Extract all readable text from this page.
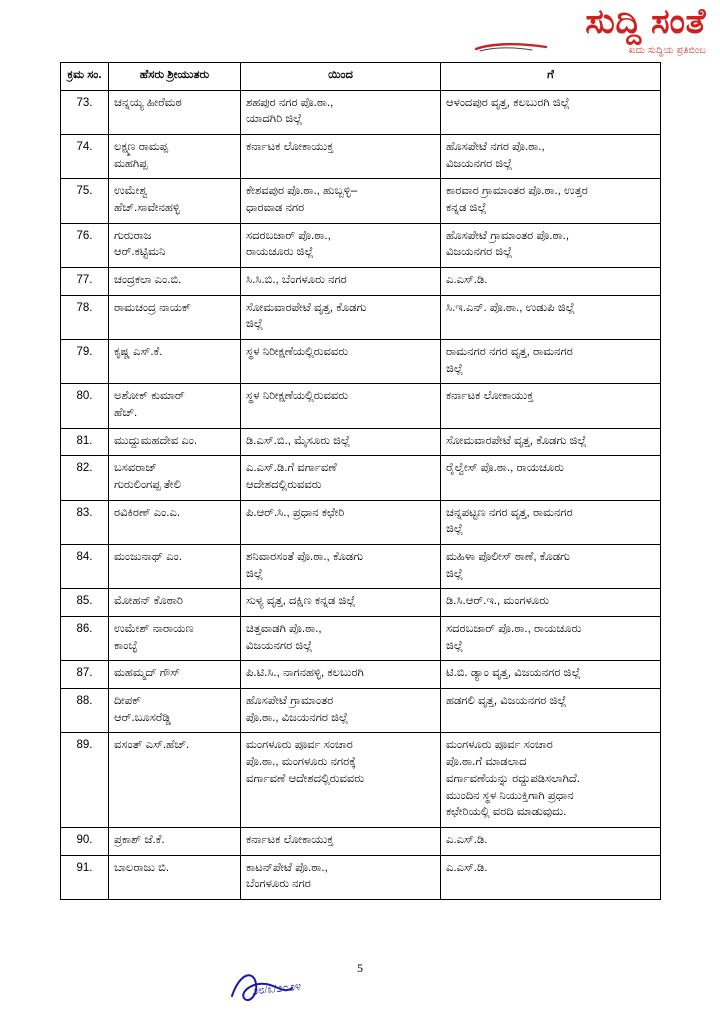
ಸುದ್ದಿ ಸಂತೆ
ಖದು ಸುದ್ದಿಯ ಪ್ರತಿಬಿಂಬ
ಕ್ರಮ ಸಂ.	ಹೆಸರು ಶ್ರೀಯುತರು	ಯಿಂದ	ಗೆ

73.	ಚನ್ನಯ್ಯ ಹೀರೆಮಠ	ಶಹಪುರ ನಗರ ಪೊ.ಠಾ.,
ಯಾದಗಿರಿ ಜಿಲ್ಲೆ	ಆಳಂದಪುರ ವೃತ್ತ, ಕಲಬುರಗಿ ಜಿಲ್ಲೆ

74.	ಲಕ್ಷ್ಮಣ ರಾಮಪ್ಪ
ಮಹಗಿಪ್ಪ	ಕರ್ನಾಟಕ ಲೋಕಾಯುಕ್ತ	ಹೊಸಪೇಟೆ ನಗರ ಪೊ.ಠಾ.,
ವಿಜಯನಗರ ಜಿಲ್ಲೆ

75.	ಉಮೇಶ್ವ
ಹೆಚ್.ಸಾವೇನಹಳ್ಳಿ	ಕೇಶವಪುರ ಪೊ.ಠಾ., ಹುಬ್ಬಳ್ಳಿ–
ಧಾರವಾಡ ನಗರ	ಕಾರವಾರ ಗ್ರಾಮಾಂತರ ಪೊ.ಠಾ., ಉತ್ತರ
ಕನ್ನಡ ಜಿಲ್ಲೆ

76.	ಗುರುರಾಜ
ಆರ್.ಕಟ್ಟಿಮನಿ	ಸದರಬಜಾರ್ ಪೊ.ಠಾ.,
ರಾಯಚೂರು ಜಿಲ್ಲೆ	ಹೊಸಪೇಟೆ ಗ್ರಾಮಾಂತರ ಪೊ.ಠಾ.,
ವಿಜಯನಗರ ಜಿಲ್ಲೆ

77.	ಚಂದ್ರಕಲಾ ಎಂ.ಬಿ.	ಸಿ.ಸಿ.ಬಿ., ಬೆಂಗಳೂರು ನಗರ	ಎ.ಎಸ್.ಡಿ.

78.	ರಾಮಚಂದ್ರ ನಾಯಕ್	ಸೋಮವಾರಪೇಟೆ ವೃತ್ತ, ಕೊಡಗು
ಜಿಲ್ಲೆ	ಸಿ.ಇ.ಎನ್. ಪೊ.ಠಾ., ಉಡುಪಿ ಜಿಲ್ಲೆ

79.	ಕೃಷ್ಣ ಎಸ್.ಕೆ.	ಸ್ಥಳ ನಿರೀಕ್ಷಣೆಯಲ್ಲಿರುವವರು	ರಾಮನಗರ ನಗರ ವೃತ್ತ, ರಾಮನಗರ
ಜಿಲ್ಲೆ

80.	ಅಶೋಕ್ ಕುಮಾರ್
ಹೆಚ್.	ಸ್ಥಳ ನಿರೀಕ್ಷಣೆಯಲ್ಲಿರುವವರು	ಕರ್ನಾಟಕ ಲೋಕಾಯುಕ್ತ

81.	ಮುದ್ದುಮಹದೇವ ಎಂ.	ಡಿ.ಎಸ್.ಬಿ., ಮೈಸೂರು ಜಿಲ್ಲೆ	ಸೋಮವಾರಪೇಟೆ ವೃತ್ತ, ಕೊಡಗು ಜಿಲ್ಲೆ

82.	ಬಸವರಾಜ್
ಗುರುಲಿಂಗಪ್ಪ ತೇಲಿ	ಎ.ಎಸ್.ಡಿ.ಗೆ ವರ್ಗಾವಣೆ
ಆದೇಶದಲ್ಲಿರುವವರು	ರೈಲ್ವೇಸ್ ಪೊ.ಠಾ., ರಾಯಚೂರು

83.	ರವಿಕಿರಣ್ ಎಂ.ಎ.	ಪಿ.ಆರ್.ಸಿ., ಪ್ರಧಾನ ಕಛೇರಿ	ಚನ್ನಪಟ್ಟಣ ನಗರ ವೃತ್ತ, ರಾಮನಗರ
ಜಿಲ್ಲೆ

84.	ಮಂಜುನಾಥ್ ಎಂ.	ಶನಿವಾರಸಂತೆ ಪೊ.ಠಾ., ಕೊಡಗು
ಜಿಲ್ಲೆ	ಮಹಿಳಾ ಪೊಲೀಸ್ ಠಾಣೆ, ಕೊಡಗು
ಜಿಲ್ಲೆ

85.	ಮೋಹನ್ ಕೊಠಾರಿ	ಸುಳ್ಯ ವೃತ್ತ, ದಕ್ಷಿಣ ಕನ್ನಡ ಜಿಲ್ಲೆ	ಡಿ.ಸಿ.ಆರ್.ಇ., ಮಂಗಳೂರು

86.	ಉಮೇಶ್ ನಾರಾಯಣ
ಕಾಂಬ್ಳೆ	ಚಿತ್ತವಾಡಗಿ ಪೊ.ಠಾ.,
ವಿಜಯನಗರ ಜಿಲ್ಲೆ	ಸದರಬಜಾರ್ ಪೊ.ಠಾ., ರಾಯಚೂರು
ಜಿಲ್ಲೆ

87.	ಮಹಮ್ಮದ್ ಗೌಸ್	ಪಿ.ಟಿ.ಸಿ., ನಾಗನಹಳ್ಳಿ, ಕಲಬುರಗಿ	ಟಿ.ಬಿ. ಡ್ಯಾಂ ವೃತ್ತ, ವಿಜಯನಗರ ಜಿಲ್ಲೆ

88.	ದೀಪಕ್
ಆರ್.ಬೂಸರೆಡ್ಡಿ	ಹೊಸಪೇಟೆ ಗ್ರಾಮಾಂತರ
ಪೊ.ಠಾ., ವಿಜಯನಗರ ಜಿಲ್ಲೆ	ಹಡಗಲಿ ವೃತ್ತ, ವಿಜಯನಗರ ಜಿಲ್ಲೆ

89.	ವಸಂತ್ ಎಸ್.ಹೆಚ್.	ಮಂಗಳೂರು ಪೂರ್ವ ಸಂಚಾರ
ಪೊ.ಠಾ., ಮಂಗಳೂರು ನಗರಕ್ಕೆ
ವರ್ಗಾವಣೆ ಆದೇಶದಲ್ಲಿರುವವರು	ಮಂಗಳೂರು ಪೂರ್ವ ಸಂಚಾರ
ಪೊ.ಠಾ.ಗೆ ಮಾಡಲಾದ
ವರ್ಗಾವಣೆಯನ್ನು ರದ್ದುಪಡಿಸಲಾಗಿದೆ.
ಮುಂದಿನ ಸ್ಥಳ ನಿಯುಕ್ತಿಗಾಗಿ ಪ್ರಧಾನ
ಕಛೇರಿಯಲ್ಲಿ ವರದಿ ಮಾಡುವುದು.

90.	ಪ್ರಕಾಶ್ ಜೆ.ಕೆ.	ಕರ್ನಾಟಕ ಲೋಕಾಯುಕ್ತ	ಎ.ಎಸ್.ಡಿ.

91.	ಬಾಲರಾಜು ಬಿ.	ಕಾಟನ್‌ಪೇಟೆ ಪೊ.ಠಾ.,
ಬೆಂಗಳೂರು ನಗರ	ಎ.ಎಸ್.ಡಿ.
5
೨೮/೩/೨೦೨೪
